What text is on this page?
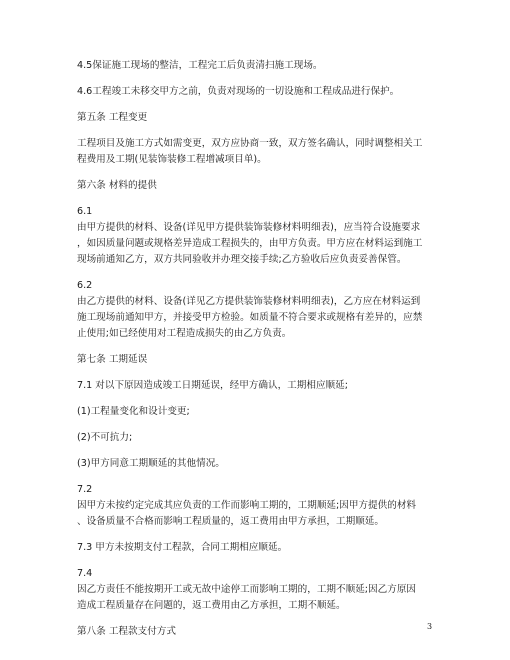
4.5保证施工现场的整洁，工程完工后负责清扫施工现场。

4.6工程竣工未移交甲方之前，负责对现场的一切设施和工程成品进行保护。

第五条 工程变更

工程项目及施工方式如需变更，双方应协商一致，双方签名确认，同时调整相关工
程费用及工期(见装饰装修工程增减项目单)。

第六条 材料的提供

6.1
由甲方提供的材料、设备(详见甲方提供装饰装修材料明细表)，应当符合设施要求
，如因质量问题或规格差异造成工程损失的，由甲方负责。甲方应在材料运到施工
现场前通知乙方，双方共同验收并办理交接手续;乙方验收后应负责妥善保管。

6.2
由乙方提供的材料、设备(详见乙方提供装饰装修材料明细表)，乙方应在材料运到
施工现场前通知甲方，并接受甲方检验。如质量不符合要求或规格有差异的，应禁
止使用;如已经使用对工程造成损失的由乙方负责。

第七条 工期延误

7.1 对以下原因造成竣工日期延误，经甲方确认，工期相应顺延;

(1)工程量变化和设计变更;

(2)不可抗力;

(3)甲方同意工期顺延的其他情况。

7.2
因甲方未按约定完成其应负责的工作而影响工期的，工期顺延;因甲方提供的材料
、设备质量不合格而影响工程质量的，返工费用由甲方承担，工期顺延。

7.3 甲方未按期支付工程款，合同工期相应顺延。

7.4
因乙方责任不能按期开工或无故中途停工而影响工期的，工期不顺延;因乙方原因
造成工程质量存在问题的，返工费用由乙方承担，工期不顺延。

第八条 工程款支付方式	3
